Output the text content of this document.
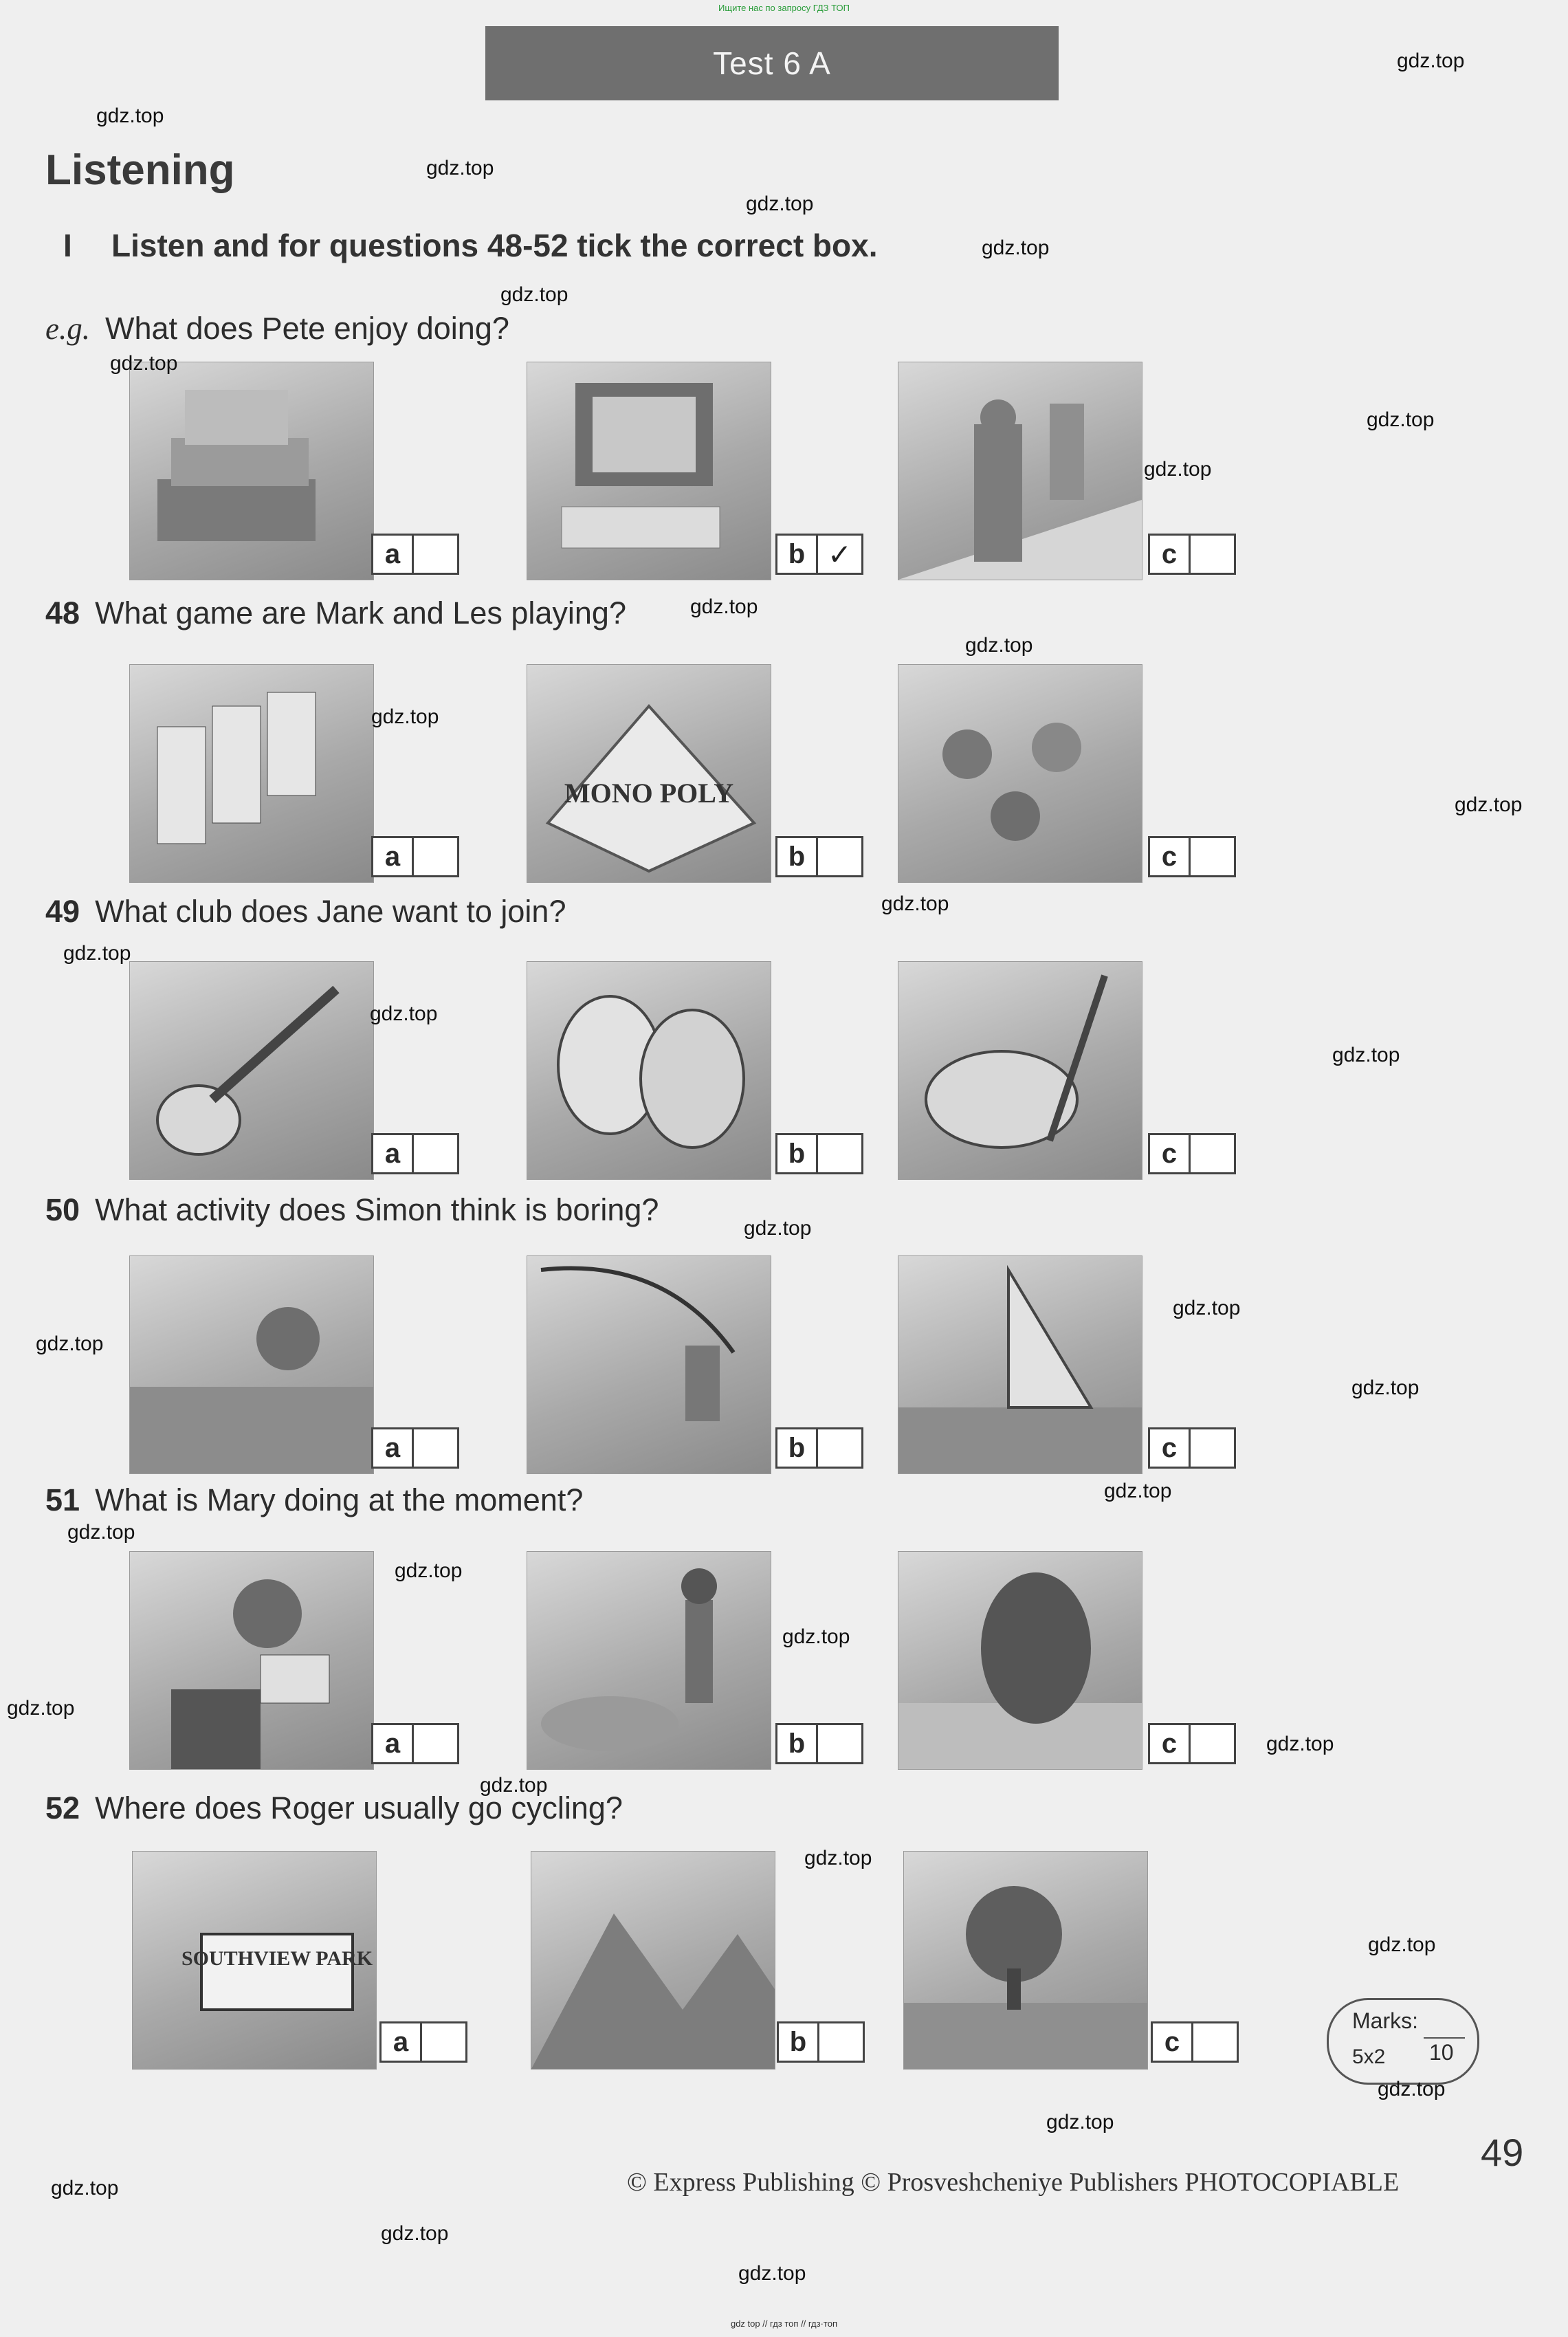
Ищите нас по запросу ГДЗ ТОП
Test 6 A
Listening
I Listen and for questions 48-52 tick the correct box.
e.g. What does Pete enjoy doing?
48 What game are Mark and Les playing?
49 What club does Jane want to join?
50 What activity does Simon think is boring?
51 What is Mary doing at the moment?
52 Where does Roger usually go cycling?
a	b ✓	c
a
MONO POLY
b	c
a	b	c
a	b	c
a	b	c
SOUTHVIEW PARK
a	b	c
Marks:
5x2 10
49
© Express Publishing © Prosveshcheniye Publishers PHOTOCOPIABLE
gdz top // гдз топ // гдз·топ
gdz.top
gdz.top
gdz.top
gdz.top
gdz.top
gdz.top
gdz.top
gdz.top
gdz.top
gdz.top
gdz.top
gdz.top
gdz.top
gdz.top
gdz.top
gdz.top
gdz.top
gdz.top
gdz.top
gdz.top
gdz.top
gdz.top
gdz.top
gdz.top
gdz.top
gdz.top
gdz.top
gdz.top
gdz.top
gdz.top
gdz.top
gdz.top
gdz.top
gdz.top
gdz.top
